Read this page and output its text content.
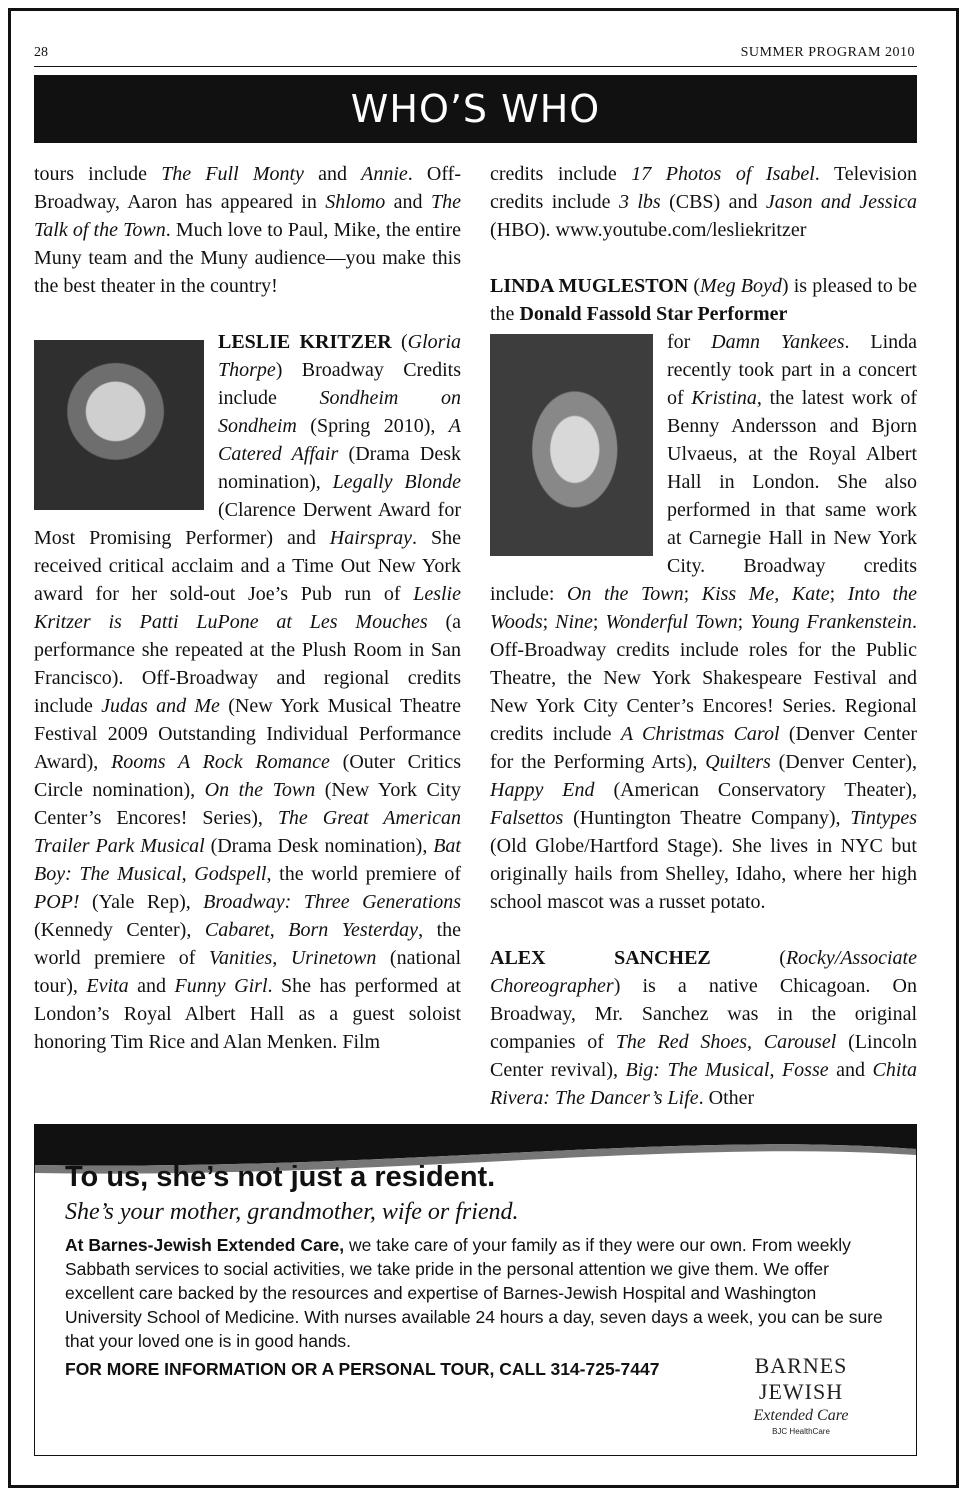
28	SUMMER PROGRAM 2010
WHO’S WHO

tours include The Full Monty and Annie. Off-Broadway, Aaron has appeared in Shlomo and The Talk of the Town. Much love to Paul, Mike, the entire Muny team and the Muny audience—you make this the best theater in the country!

LESLIE KRITZER (Gloria Thorpe) Broadway Credits include Sondheim on Sondheim (Spring 2010), A Catered Affair (Drama Desk nomination), Legally Blonde (Clarence Derwent Award for Most Promising Performer) and Hairspray. She received critical acclaim and a Time Out New York award for her sold-out Joe’s Pub run of Leslie Kritzer is Patti LuPone at Les Mouches (a performance she repeated at the Plush Room in San Francisco). Off-Broadway and regional credits include Judas and Me (New York Musical Theatre Festival 2009 Outstanding Individual Performance Award), Rooms A Rock Romance (Outer Critics Circle nomination), On the Town (New York City Center’s Encores! Series), The Great American Trailer Park Musical (Drama Desk nomination), Bat Boy: The Musical, Godspell, the world premiere of POP! (Yale Rep), Broadway: Three Generations (Kennedy Center), Cabaret, Born Yesterday, the world premiere of Vanities, Urinetown (national tour), Evita and Funny Girl. She has performed at London’s Royal Albert Hall as a guest soloist honoring Tim Rice and Alan Menken. Film

credits include 17 Photos of Isabel. Television credits include 3 lbs (CBS) and Jason and Jessica (HBO). www.youtube.com/lesliekritzer

LINDA MUGLESTON (Meg Boyd) is pleased to be the Donald Fassold Star Performer

for Damn Yankees. Linda recently took part in a concert of Kristina, the latest work of Benny Andersson and Bjorn Ulvaeus, at the Royal Albert Hall in London. She also performed in that same work at Carnegie Hall in New York City. Broadway credits include: On the Town; Kiss Me, Kate; Into the Woods; Nine; Wonderful Town; Young Frankenstein. Off-Broadway credits include roles for the Public Theatre, the New York Shakespeare Festival and New York City Center’s Encores! Series. Regional credits include A Christmas Carol (Denver Center for the Performing Arts), Quilters (Denver Center), Happy End (American Conservatory Theater), Falsettos (Huntington Theatre Company), Tintypes (Old Globe/Hartford Stage). She lives in NYC but originally hails from Shelley, Idaho, where her high school mascot was a russet potato.

ALEX SANCHEZ (Rocky/Associate Choreographer) is a native Chicagoan. On Broadway, Mr. Sanchez was in the original companies of The Red Shoes, Carousel (Lincoln Center revival), Big: The Musical, Fosse and Chita Rivera: The Dancer’s Life. Other

To us, she’s not just a resident.
She’s your mother, grandmother, wife or friend.
At Barnes-Jewish Extended Care, we take care of your family as if they were our own. From weekly Sabbath services to social activities, we take pride in the personal attention we give them. We offer excellent care backed by the resources and expertise of Barnes-Jewish Hospital and Washington University School of Medicine. With nurses available 24 hours a day, seven days a week, you can be sure that your loved one is in good hands.
FOR MORE INFORMATION OR A PERSONAL TOUR, CALL 314-725-7447	BARNES JEWISH
Extended Care
BJC HealthCare
